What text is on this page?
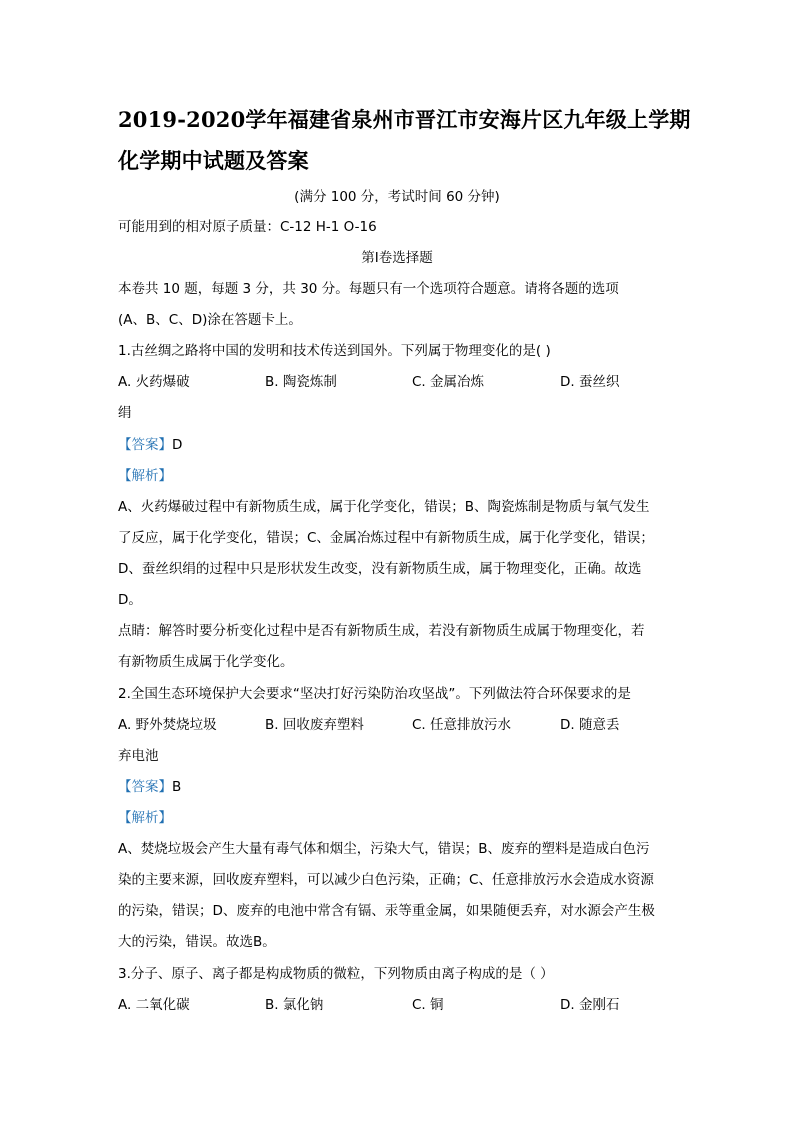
2019-2020学年福建省泉州市晋江市安海片区九年级上学期
化学期中试题及答案
(满分 100 分，考试时间 60 分钟)
可能用到的相对原子质量：C-12 H-1 O-16
第Ⅰ卷选择题
本卷共 10 题，每题 3 分，共 30 分。每题只有一个选项符合题意。请将各题的选项
(A、B、C、D)涂在答题卡上。
1.古丝绸之路将中国的发明和技术传送到国外。下列属于物理变化的是( )
A. 火药爆破	B. 陶瓷炼制	C. 金属冶炼	D. 蚕丝织
绢
【答案】D
【解析】
A、火药爆破过程中有新物质生成，属于化学变化，错误；B、陶瓷炼制是物质与氧气发生
了反应，属于化学变化，错误；C、金属冶炼过程中有新物质生成，属于化学变化，错误；
D、蚕丝织绢的过程中只是形状发生改变，没有新物质生成，属于物理变化，正确。故选
D。
点睛：解答时要分析变化过程中是否有新物质生成，若没有新物质生成属于物理变化，若
有新物质生成属于化学变化。
2.全国生态环境保护大会要求“坚决打好污染防治攻坚战”。下列做法符合环保要求的是
A. 野外焚烧垃圾	B. 回收废弃塑料	C. 任意排放污水	D. 随意丢
弃电池
【答案】B
【解析】
A、焚烧垃圾会产生大量有毒气体和烟尘，污染大气，错误；B、废弃的塑料是造成白色污
染的主要来源，回收废弃塑料，可以减少白色污染，正确；C、任意排放污水会造成水资源
的污染，错误；D、废弃的电池中常含有镉、汞等重金属，如果随便丢弃，对水源会产生极
大的污染，错误。故选B。
3.分子、原子、离子都是构成物质的微粒，下列物质由离子构成的是（ ）
A. 二氧化碳	B. 氯化钠	C. 铜	D. 金刚石
